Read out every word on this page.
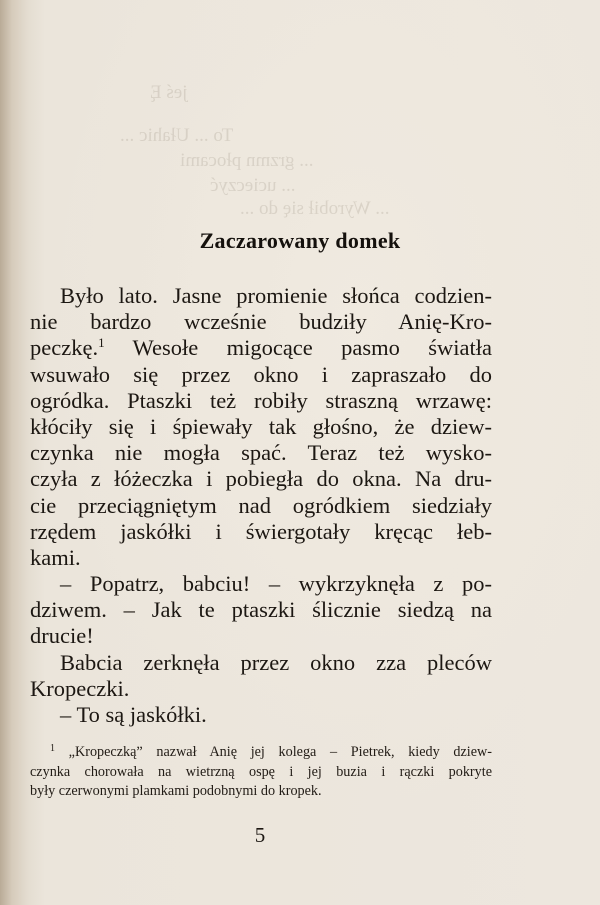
jeś Ę
To ... Ułahic ...
... grzmn płocami
... ucieczyć
... Wyrobił się do ...
Zaczarowany domek
Było lato. Jasne promienie słońca codzien-
nie bardzo wcześnie budziły Anię-Kro-
peczkę.$^1$ Wesołe migocące pasmo światła
wsuwało się przez okno i zapraszało do
ogródka. Ptaszki też robiły straszną wrzawę:
kłóciły się i śpiewały tak głośno, że dziew-
czynka nie mogła spać. Teraz też wysko-
czyła z łóżeczka i pobiegła do okna. Na dru-
cie przeciągniętym nad ogródkiem siedziały
rzędem jaskółki i świergotały kręcąc łeb-
kami.
– Popatrz, babciu! – wykrzyknęła z po-
dziwem. – Jak te ptaszki ślicznie siedzą na
drucie!
Babcia zerknęła przez okno zza pleców
Kropeczki.
– To są jaskółki.
$^1$ „Kropeczką” nazwał Anię jej kolega – Pietrek, kiedy dziew-
czynka chorowała na wietrzną ospę i jej buzia i rączki pokryte
były czerwonymi plamkami podobnymi do kropek.
5
